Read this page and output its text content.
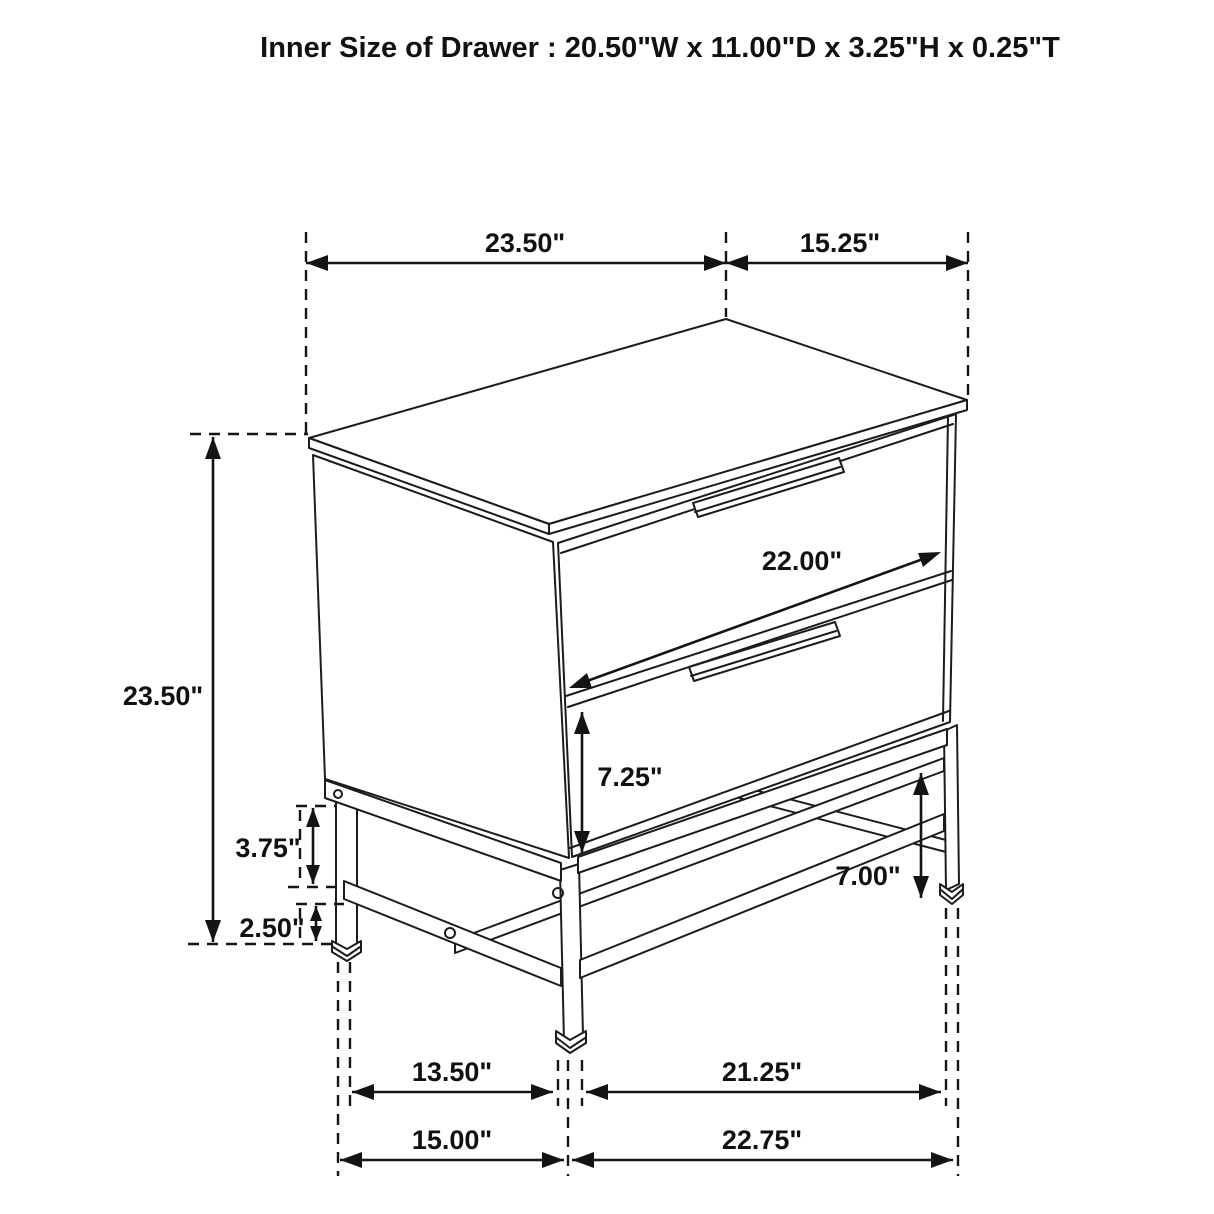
Inner Size of Drawer : 20.50"W x 11.00"D x 3.25"H x 0.25"T
23.50"	15.25"
23.50"
3.75"
2.50"
22.00"
7.25"
7.00"
13.50"	21.25"
15.00"	22.75"
